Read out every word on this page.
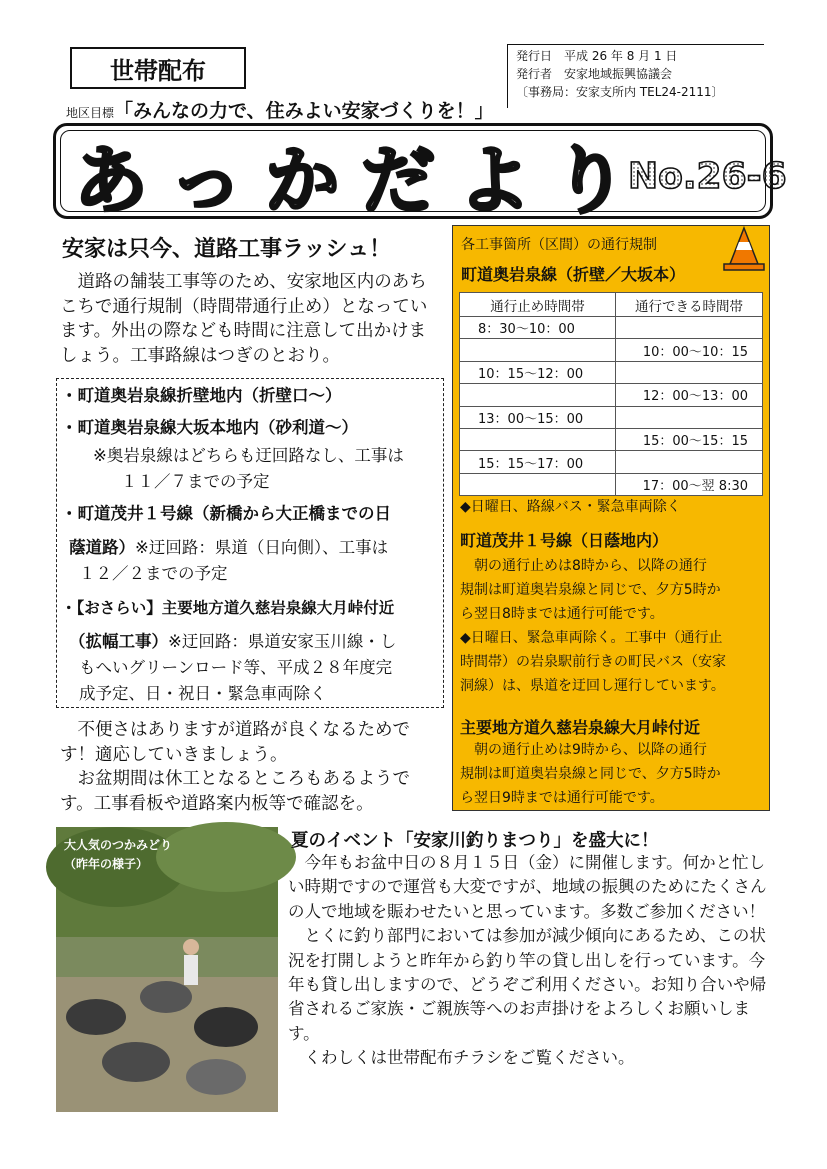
世帯配布
地区目標「みんなの力で、住みよい安家づくりを！」
発行日　平成 26 年 8 月 1 日
発行者　安家地域振興協議会
〔事務局：安家支所内 TEL24-2111〕
あっかだより
No.26-6
安家は只今、道路工事ラッシュ！
　道路の舗装工事等のため、安家地区内のあちこちで通行規制（時間帯通行止め）となっています。外出の際なども時間に注意して出かけましょう。工事路線はつぎのとおり。
・町道奥岩泉線折壁地内（折壁口～）
・町道奥岩泉線大坂本地内（砂利道～）
※奥岩泉線はどちらも迂回路なし、工事は
１１／７までの予定
・町道茂井１号線（新橋から大正橋までの日
蔭道路）※迂回路：県道（日向側）、工事は
１２／２までの予定
・【おさらい】主要地方道久慈岩泉線大月峠付近
（拡幅工事）※迂回路：県道安家玉川線・し
もへいグリーンロード等、平成２８年度完
成予定、日・祝日・緊急車両除く
　不便さはありますが道路が良くなるためです！適応していきましょう。
　お盆期間は休工となるところもあるようです。工事看板や道路案内板等で確認を。
各工事箇所（区間）の通行規制
町道奥岩泉線（折壁／大坂本）
通行止め時間帯	通行できる時間帯
8：30～10：00	
	10：00～10：15
10：15～12：00	
	12：00～13：00
13：00～15：00	
	15：00～15：15
15：15～17：00	
	17：00～翌 8:30
◆日曜日、路線バス・緊急車両除く
町道茂井１号線（日蔭地内）
　朝の通行止めは8時から、以降の通行
規制は町道奥岩泉線と同じで、夕方5時か
ら翌日8時までは通行可能です。
◆日曜日、緊急車両除く。工事中（通行止
時間帯）の岩泉駅前行きの町民バス（安家
洞線）は、県道を迂回し運行しています。
主要地方道久慈岩泉線大月峠付近
　朝の通行止めは9時から、以降の通行
規制は町道奥岩泉線と同じで、夕方5時か
ら翌日9時までは通行可能です。
大人気のつかみどり
（昨年の様子）
夏のイベント「安家川釣りまつり」を盛大に！

今年もお盆中日の８月１５日（金）に開催します。何かと忙しい時期ですので運営も大変ですが、地域の振興のためにたくさんの人で地域を賑わせたいと思っています。多数ご参加ください！

とくに釣り部門においては参加が減少傾向にあるため、この状況を打開しようと昨年から釣り竿の貸し出しを行っています。今年も貸し出しますので、どうぞご利用ください。お知り合いや帰省されるご家族・ご親族等へのお声掛けをよろしくお願いします。

くわしくは世帯配布チラシをご覧ください。
